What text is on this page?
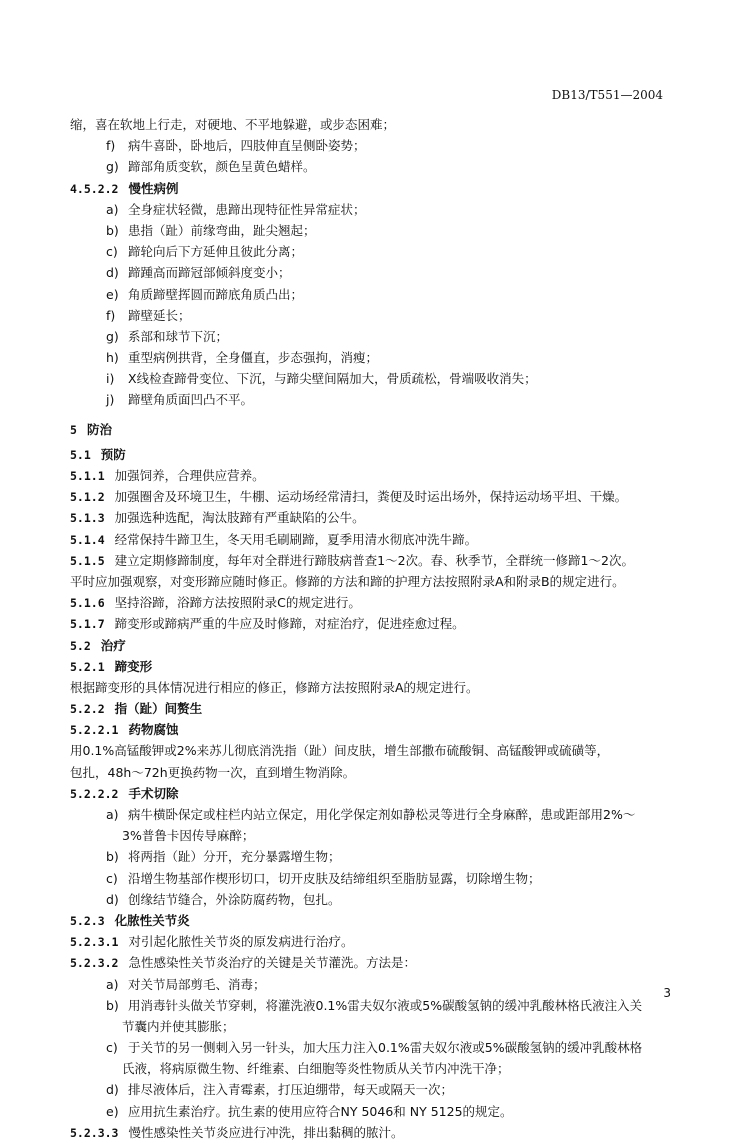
DB13/T551—2004
缩，喜在软地上行走，对硬地、不平地躲避，或步态困难；
f) 病牛喜卧，卧地后，四肢伸直呈侧卧姿势；
g) 蹄部角质变软，颜色呈黄色蜡样。
4.5.2.2 慢性病例
a) 全身症状轻微，患蹄出现特征性异常症状；
b) 患指（趾）前缘弯曲，趾尖翘起；
c) 蹄轮向后下方延伸且彼此分离；
d) 蹄踵高而蹄冠部倾斜度变小；
e) 角质蹄壁挥圆而蹄底角质凸出；
f) 蹄壁延长；
g) 系部和球节下沉；
h) 重型病例拱背，全身僵直，步态强拘，消瘦；
i) X线检查蹄骨变位、下沉，与蹄尖壁间隔加大，骨质疏松，骨端吸收消失；
j) 蹄壁角质面凹凸不平。
5 防治
5.1 预防
5.1.1 加强饲养，合理供应营养。
5.1.2 加强圈舍及环境卫生，牛棚、运动场经常清扫，粪便及时运出场外，保持运动场平坦、干燥。
5.1.3 加强选种选配，淘汰肢蹄有严重缺陷的公牛。
5.1.4 经常保持牛蹄卫生，冬天用毛刷刷蹄，夏季用清水彻底冲洗牛蹄。
5.1.5 建立定期修蹄制度，每年对全群进行蹄肢病普查1～2次。春、秋季节，全群统一修蹄1～2次。
平时应加强观察，对变形蹄应随时修正。修蹄的方法和蹄的护理方法按照附录A和附录B的规定进行。
5.1.6 坚持浴蹄，浴蹄方法按照附录C的规定进行。
5.1.7 蹄变形或蹄病严重的牛应及时修蹄，对症治疗，促进痊愈过程。
5.2 治疗
5.2.1 蹄变形
根据蹄变形的具体情况进行相应的修正，修蹄方法按照附录A的规定进行。
5.2.2 指（趾）间赘生
5.2.2.1 药物腐蚀
用0.1%高锰酸钾或2%来苏儿彻底消洗指（趾）间皮肤，增生部撒布硫酸铜、高锰酸钾或硫磺等，
包扎，48h～72h更换药物一次，直到增生物消除。
5.2.2.2 手术切除
a) 病牛横卧保定或柱栏内站立保定，用化学保定剂如静松灵等进行全身麻醉，患或距部用2%～
3%普鲁卡因传导麻醉；
b) 将两指（趾）分开，充分暴露增生物；
c) 沿增生物基部作楔形切口，切开皮肤及结缔组织至脂肪显露，切除增生物；
d) 创缘结节缝合，外涂防腐药物，包扎。
5.2.3 化脓性关节炎
5.2.3.1 对引起化脓性关节炎的原发病进行治疗。
5.2.3.2 急性感染性关节炎治疗的关键是关节灌洗。方法是：
a) 对关节局部剪毛、消毒；
b) 用消毒针头做关节穿刺，将灌洗液0.1%雷夫奴尔液或5%碳酸氢钠的缓冲乳酸林格氏液注入关
节囊内并使其膨胀；
c) 于关节的另一侧刺入另一针头，加大压力注入0.1%雷夫奴尔液或5%碳酸氢钠的缓冲乳酸林格
氏液，将病原微生物、纤维素、白细胞等炎性物质从关节内冲洗干净；
d) 排尽液体后，注入青霉素，打压迫绷带，每天或隔天一次；
e) 应用抗生素治疗。抗生素的使用应符合NY 5046和 NY 5125的规定。
5.2.3.3 慢性感染性关节炎应进行冲洗，排出黏稠的脓汁。
3
